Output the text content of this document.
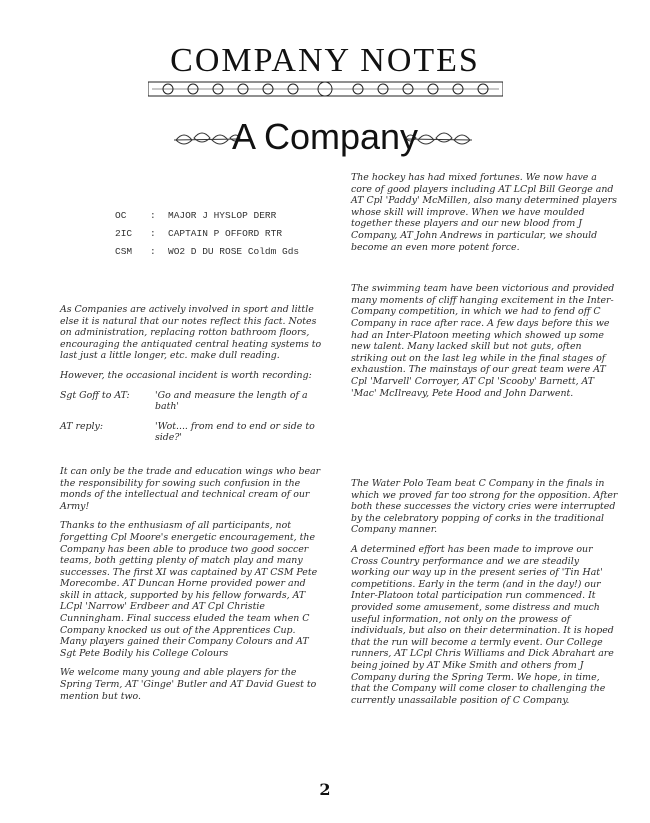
COMPANY NOTES
A Company
OC : MAJOR J HYSLOP DERR
2IC : CAPTAIN P OFFORD RTR
CSM : WO2 D DU ROSE Coldm Gds

As Companies are actively involved in sport and little else it is natural that our notes reflect this fact. Notes on administration, replacing rotton bathroom floors, encouraging the antiquated central heating systems to last just a little longer, etc. make dull reading.

However, the occasional incident is worth recording:

Sgt Goff to AT:	'Go and measure the length of a bath'
AT reply:	'Wot.... from end to end or side to side?'

It can only be the trade and education wings who bear the responsibility for sowing such confusion in the monds of the intellectual and technical cream of our Army!

Thanks to the enthusiasm of all participants, not forgetting Cpl Moore's energetic encouragement, the Company has been able to produce two good soccer teams, both getting plenty of match play and many successes. The first XI was captained by AT CSM Pete Morecombe. AT Duncan Horne provided power and skill in attack, supported by his fellow forwards, AT LCpl 'Narrow' Erdbeer and AT Cpl Christie Cunningham. Final success eluded the team when C Company knocked us out of the Apprentices Cup. Many players gained their Company Colours and AT Sgt Pete Bodily his College Colours

We welcome many young and able players for the Spring Term, AT 'Ginge' Butler and AT David Guest to mention but two.

The hockey has had mixed fortunes. We now have a core of good players including AT LCpl Bill George and AT Cpl 'Paddy' McMillen, also many determined players whose skill will improve. When we have moulded together these players and our new blood from J Company, AT John Andrews in particular, we should become an even more potent force.

The swimming team have been victorious and provided many moments of cliff hanging excitement in the Inter-Company competition, in which we had to fend off C Company in race after race. A few days before this we had an Inter-Platoon meeting which showed up some new talent. Many lacked skill but not guts, often striking out on the last leg while in the final stages of exhaustion. The mainstays of our great team were AT Cpl 'Marvell' Corroyer, AT Cpl 'Scooby' Barnett, AT 'Mac' McIlreavy, Pete Hood and John Darwent.

The Water Polo Team beat C Company in the finals in which we proved far too strong for the opposition. After both these successes the victory cries were interrupted by the celebratory popping of corks in the traditional Company manner.

A determined effort has been made to improve our Cross Country performance and we are steadily working our way up in the present series of 'Tin Hat' competitions. Early in the term (and in the day!) our Inter-Platoon total participation run commenced. It provided some amusement, some distress and much useful information, not only on the prowess of individuals, but also on their determination. It is hoped that the run will become a termly event. Our College runners, AT LCpl Chris Williams and Dick Abrahart are being joined by AT Mike Smith and others from J Company during the Spring Term. We hope, in time, that the Company will come closer to challenging the currently unassailable position of C Company.

2
